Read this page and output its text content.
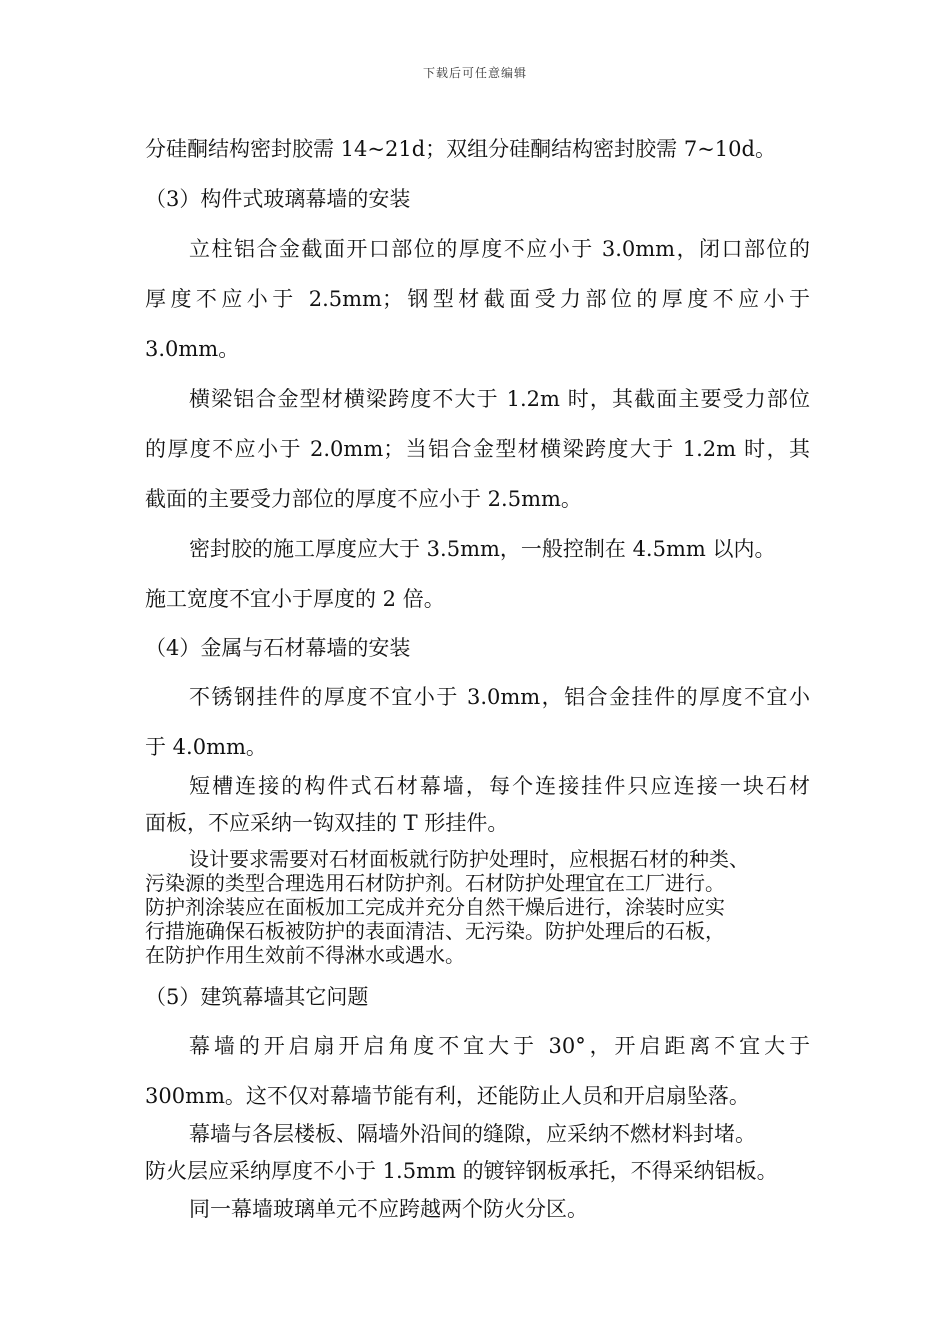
下载后可任意编辑
分硅酮结构密封胶需 14~21d；双组分硅酮结构密封胶需 7~10d。
（3）构件式玻璃幕墙的安装
立柱铝合金截面开口部位的厚度不应小于 3.0mm，闭口部位的
厚度不应小于 2.5mm；钢型材截面受力部位的厚度不应小于
3.0mm。
横梁铝合金型材横梁跨度不大于 1.2m 时，其截面主要受力部位
的厚度不应小于 2.0mm；当铝合金型材横梁跨度大于 1.2m 时，其
截面的主要受力部位的厚度不应小于 2.5mm。
密封胶的施工厚度应大于 3.5mm，一般控制在 4.5mm 以内。
施工宽度不宜小于厚度的 2 倍。
（4）金属与石材幕墙的安装
不锈钢挂件的厚度不宜小于 3.0mm，铝合金挂件的厚度不宜小
于 4.0mm。
短槽连接的构件式石材幕墙，每个连接挂件只应连接一块石材
面板，不应采纳一钩双挂的 T 形挂件。
设计要求需要对石材面板就行防护处理时，应根据石材的种类、
污染源的类型合理选用石材防护剂。石材防护处理宜在工厂进行。
防护剂涂装应在面板加工完成并充分自然干燥后进行，涂装时应实
行措施确保石板被防护的表面清洁、无污染。防护处理后的石板，
在防护作用生效前不得淋水或遇水。
（5）建筑幕墙其它问题
幕墙的开启扇开启角度不宜大于 30°，开启距离不宜大于
300mm。这不仅对幕墙节能有利，还能防止人员和开启扇坠落。
幕墙与各层楼板、隔墙外沿间的缝隙，应采纳不燃材料封堵。
防火层应采纳厚度不小于 1.5mm 的镀锌钢板承托，不得采纳铝板。
同一幕墙玻璃单元不应跨越两个防火分区。
